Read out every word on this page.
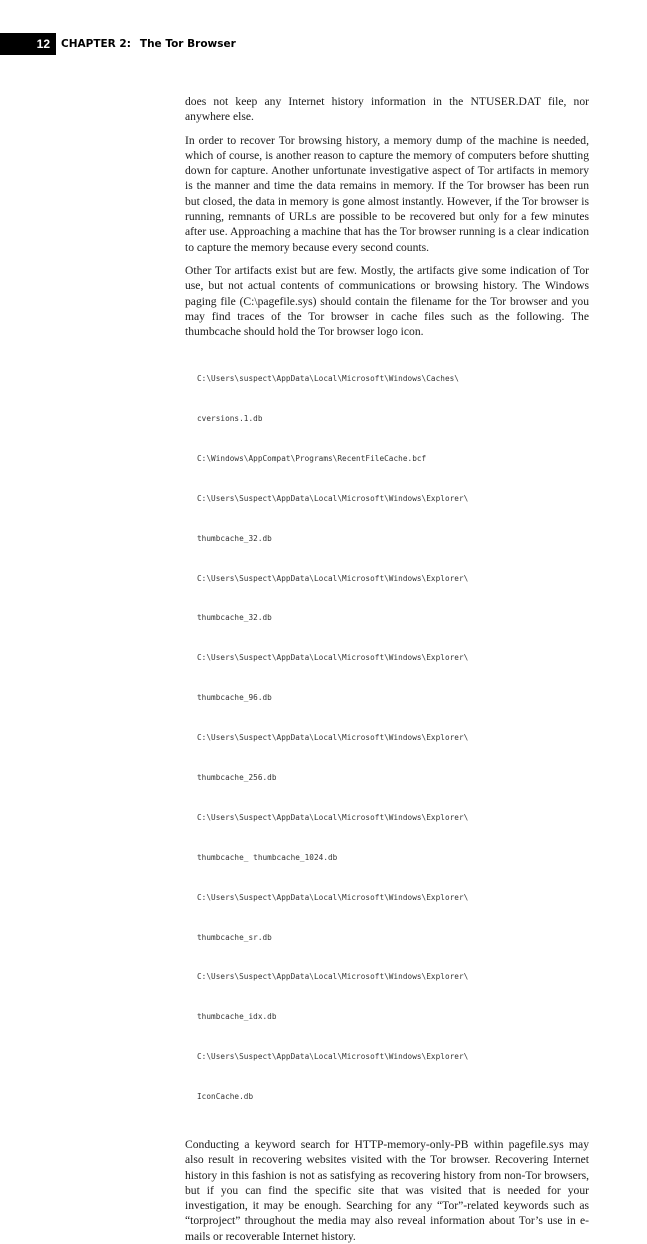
12	CHAPTER 2: The Tor Browser

does not keep any Internet history information in the NTUSER.DAT file, nor anywhere else.

In order to recover Tor browsing history, a memory dump of the machine is needed, which of course, is another reason to capture the memory of computers before shutting down for capture. Another unfortunate investigative aspect of Tor artifacts in memory is the manner and time the data remains in memory. If the Tor browser has been run but closed, the data in memory is gone almost instantly. However, if the Tor browser is running, remnants of URLs are possible to be recovered but only for a few minutes after use. Approaching a machine that has the Tor browser running is a clear indication to capture the memory because every second counts.

Other Tor artifacts exist but are few. Mostly, the artifacts give some indication of Tor use, but not actual contents of communications or browsing history. The Windows paging file (C:\pagefile.sys) should contain the filename for the Tor browser and you may find traces of the Tor browser in cache files such as the following. The thumbcache should hold the Tor browser logo icon.

C:\Users\suspect\AppData\Local\Microsoft\Windows\Caches\

cversions.1.db

C:\Windows\AppCompat\Programs\RecentFileCache.bcf

C:\Users\Suspect\AppData\Local\Microsoft\Windows\Explorer\

thumbcache_32.db

C:\Users\Suspect\AppData\Local\Microsoft\Windows\Explorer\

thumbcache_32.db

C:\Users\Suspect\AppData\Local\Microsoft\Windows\Explorer\

thumbcache_96.db

C:\Users\Suspect\AppData\Local\Microsoft\Windows\Explorer\

thumbcache_256.db

C:\Users\Suspect\AppData\Local\Microsoft\Windows\Explorer\

thumbcache_ thumbcache_1024.db

C:\Users\Suspect\AppData\Local\Microsoft\Windows\Explorer\

thumbcache_sr.db

C:\Users\Suspect\AppData\Local\Microsoft\Windows\Explorer\

thumbcache_idx.db

C:\Users\Suspect\AppData\Local\Microsoft\Windows\Explorer\

IconCache.db

Conducting a keyword search for HTTP-memory-only-PB within pagefile.sys may also result in recovering websites visited with the Tor browser. Recovering Internet history in this fashion is not as satisfying as recovering history from non-Tor browsers, but if you can find the specific site that was visited that is needed for your investigation, it may be enough. Searching for any “Tor”-related keywords such as “torproject” throughout the media may also reveal information about Tor’s use in e-mails or recoverable Internet history.
